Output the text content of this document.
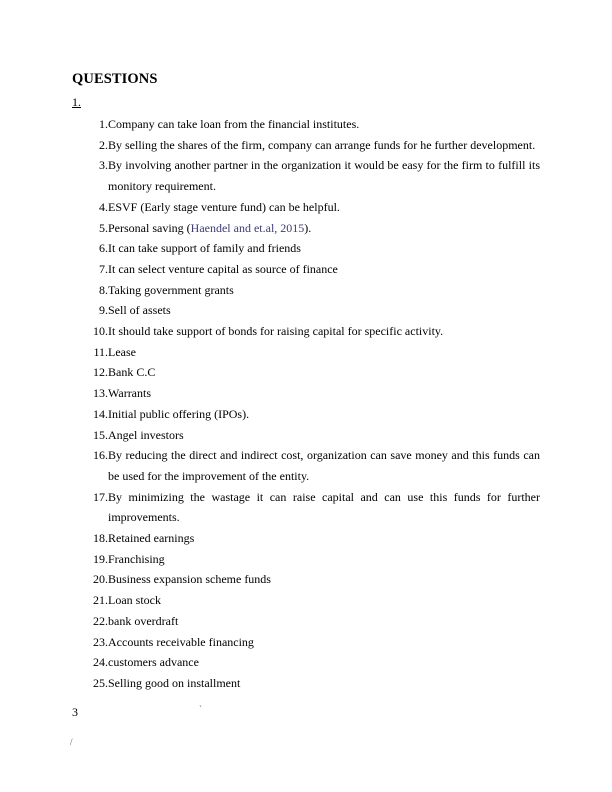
QUESTIONS
1.
1. Company can take loan from the financial institutes.
2. By selling the shares of the firm, company can arrange funds for he further development.
3. By involving another partner in the organization it would be easy for the firm to fulfill its monitory requirement.
4. ESVF (Early stage venture fund) can be helpful.
5. Personal saving (Haendel and et.al, 2015).
6. It can take support of family and friends
7. It can select venture capital as source of finance
8. Taking government grants
9. Sell of assets
10. It should take support of bonds for raising capital for specific activity.
11. Lease
12. Bank C.C
13. Warrants
14. Initial public offering (IPOs).
15. Angel investors
16. By reducing the direct and indirect cost, organization can save money and this funds can be used for the improvement of the entity.
17. By minimizing the wastage it can raise capital and can use this funds for further improvements.
18. Retained earnings
19. Franchising
20. Business expansion scheme funds
21. Loan stock
22. bank overdraft
23. Accounts receivable financing
24. customers advance
25. Selling good on installment
3	`
/
